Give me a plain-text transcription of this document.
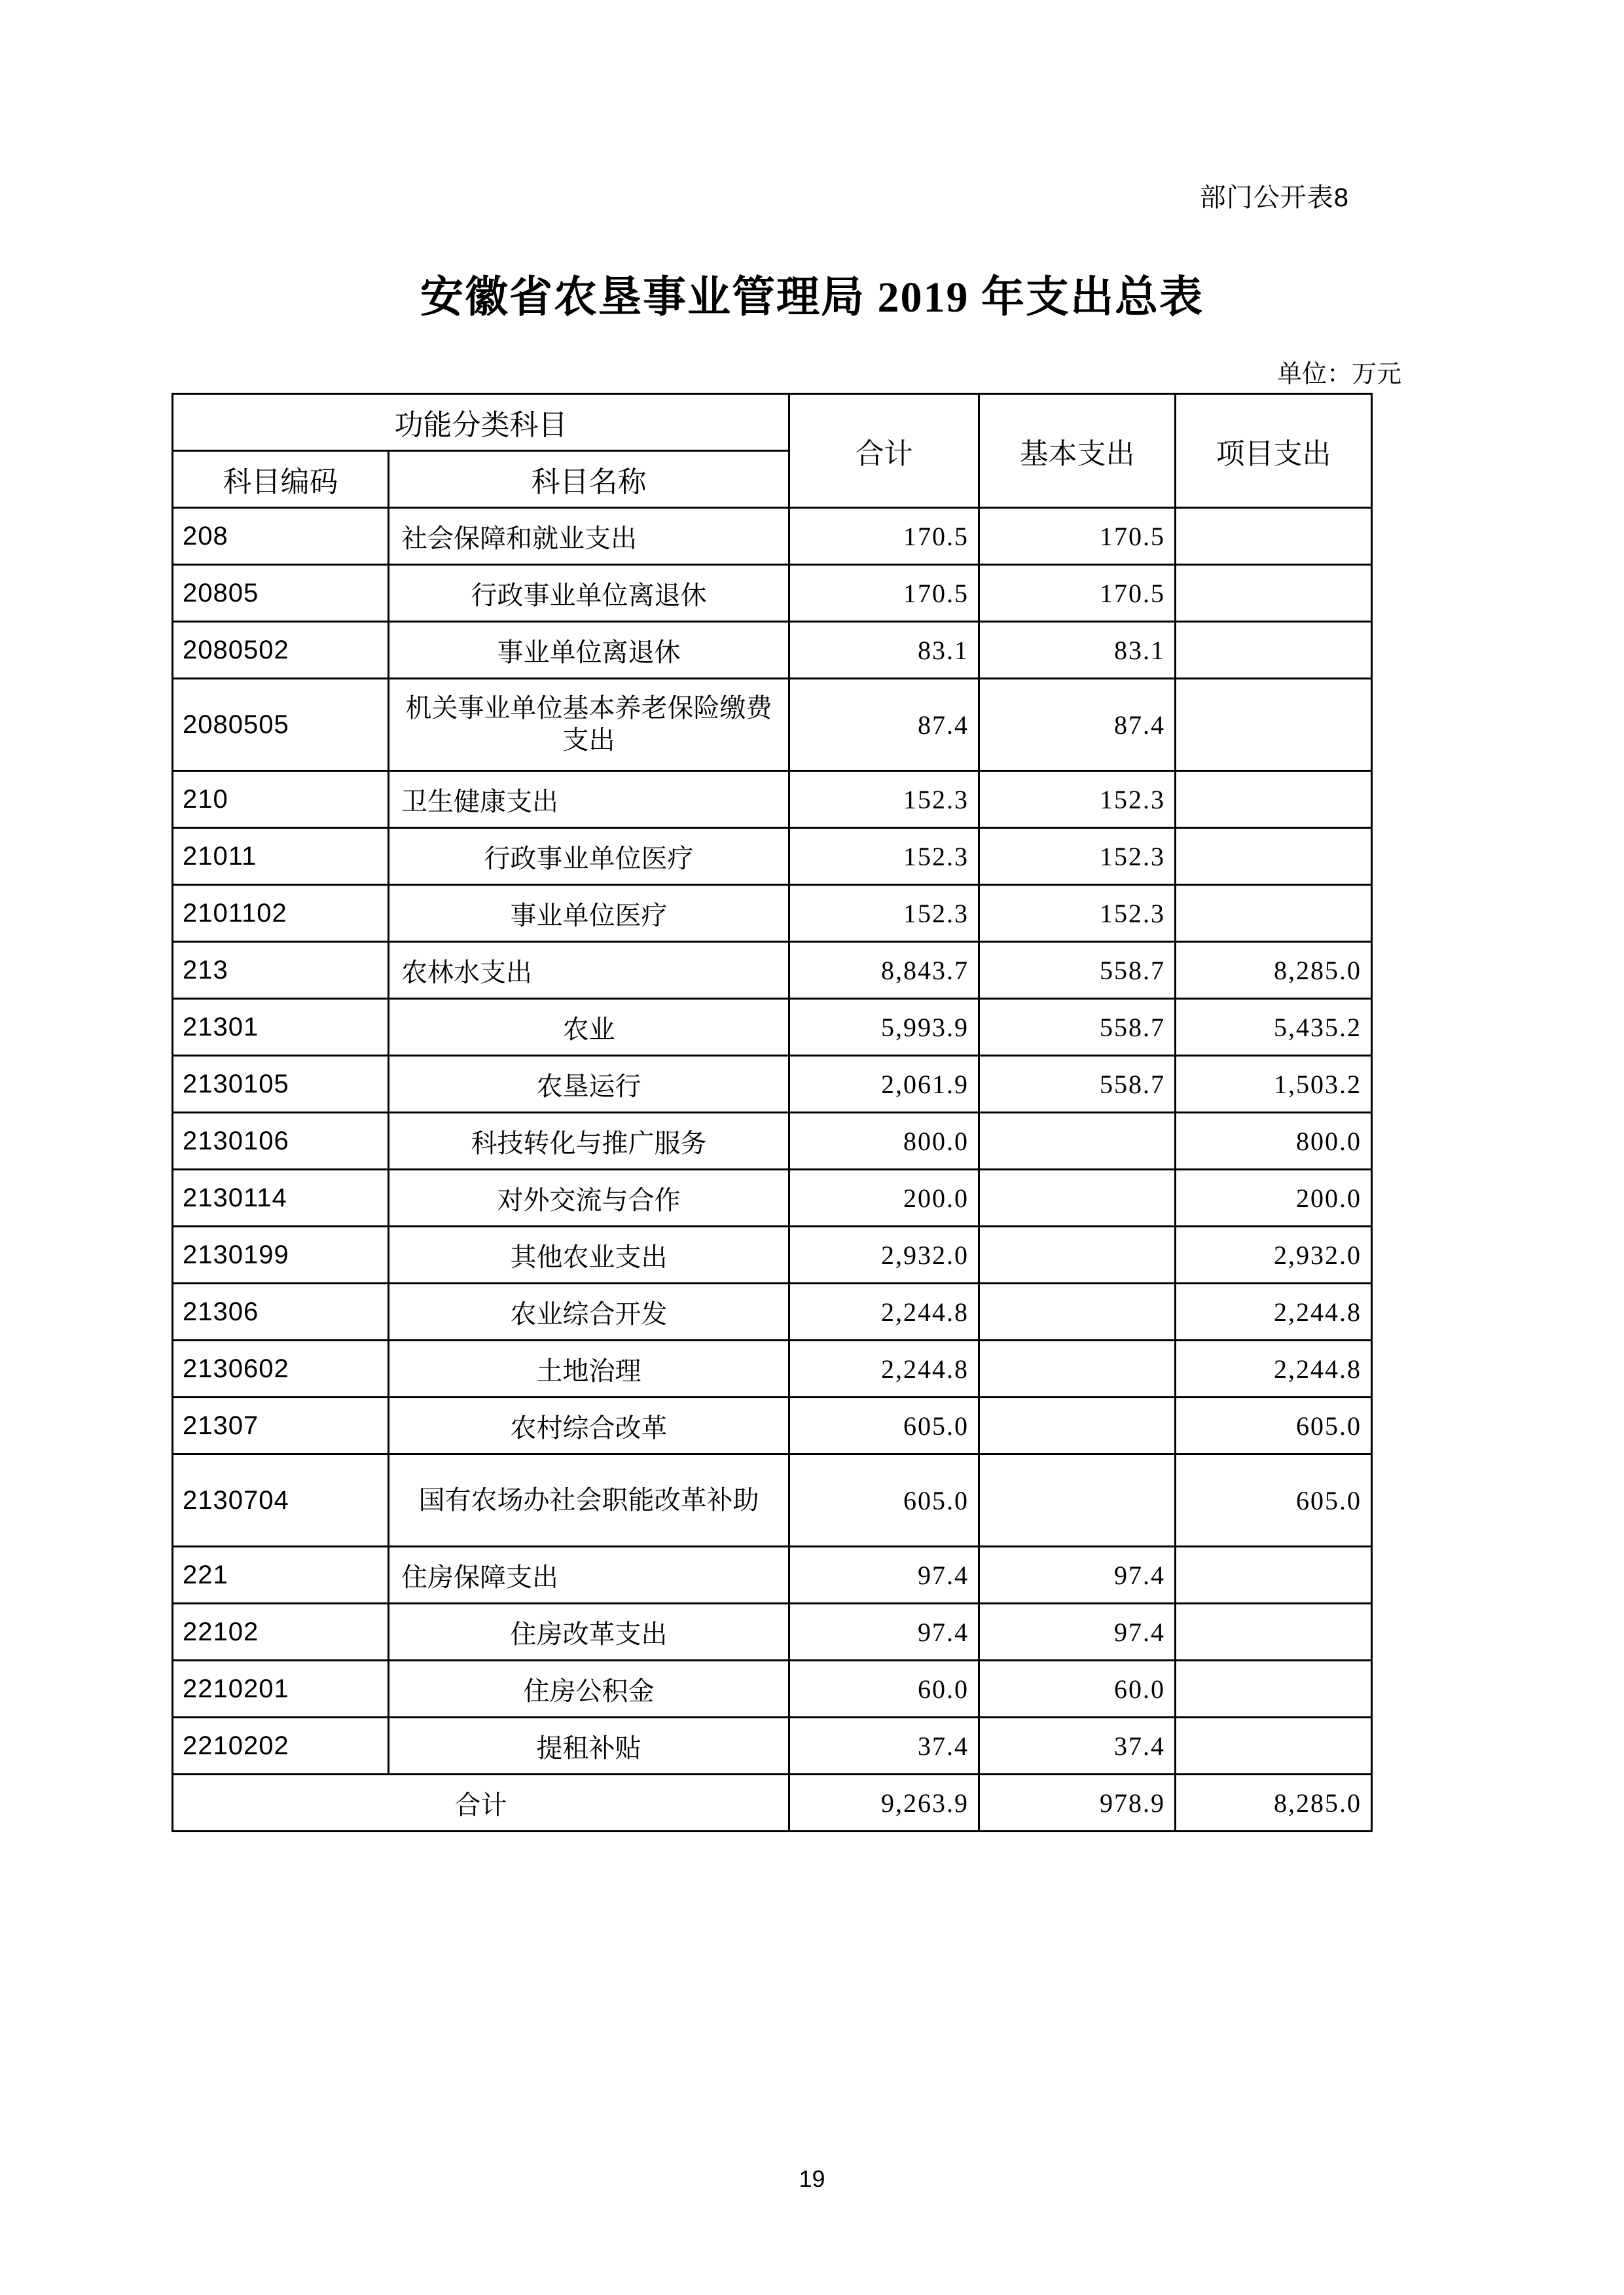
部门公开表8
安徽省农垦事业管理局 2019 年支出总表
单位：万元
功能分类科目		合计	基本支出	项目支出
科目编码	科目名称			
208	社会保障和就业支出	170.5	170.5	
20805	行政事业单位离退休	170.5	170.5	
2080502	事业单位离退休	83.1	83.1	
2080505	机关事业单位基本养老保险缴费支出	87.4	87.4	
210	卫生健康支出	152.3	152.3	
21011	行政事业单位医疗	152.3	152.3	
2101102	事业单位医疗	152.3	152.3	
213	农林水支出	8,843.7	558.7	8,285.0
21301	农业	5,993.9	558.7	5,435.2
2130105	农垦运行	2,061.9	558.7	1,503.2
2130106	科技转化与推广服务	800.0		800.0
2130114	对外交流与合作	200.0		200.0
2130199	其他农业支出	2,932.0		2,932.0
21306	农业综合开发	2,244.8		2,244.8
2130602	土地治理	2,244.8		2,244.8
21307	农村综合改革	605.0		605.0
2130704	国有农场办社会职能改革补助	605.0		605.0
221	住房保障支出	97.4	97.4	
22102	住房改革支出	97.4	97.4	
2210201	住房公积金	60.0	60.0	
2210202	提租补贴	37.4	37.4	
合计		9,263.9	978.9	8,285.0
19
